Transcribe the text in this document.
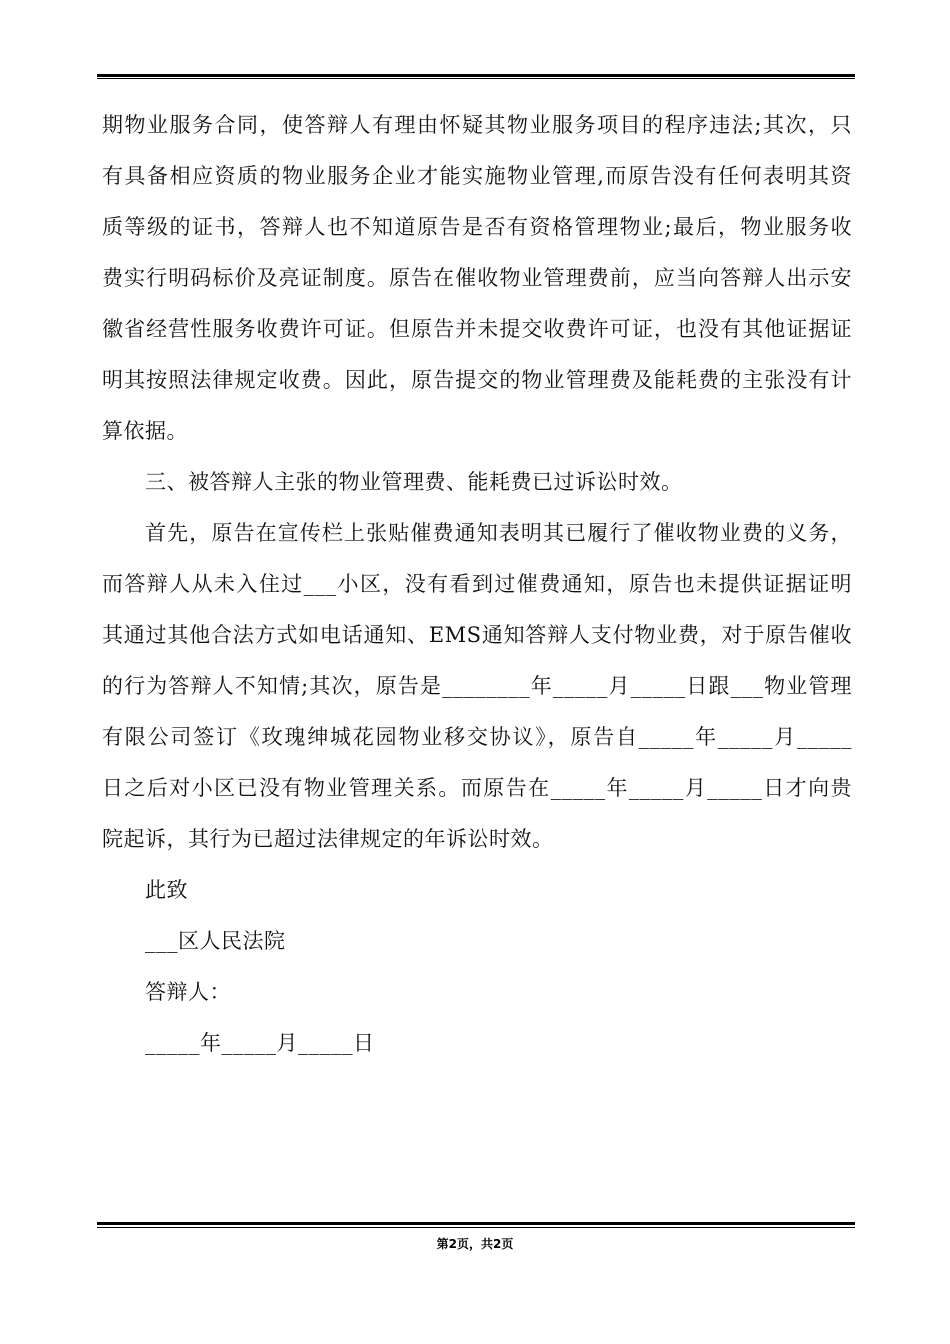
期物业服务合同，使答辩人有理由怀疑其物业服务项目的程序违法;其次，只
有具备相应资质的物业服务企业才能实施物业管理,而原告没有任何表明其资
质等级的证书，答辩人也不知道原告是否有资格管理物业;最后，物业服务收
费实行明码标价及亮证制度。原告在催收物业管理费前，应当向答辩人出示安
徽省经营性服务收费许可证。但原告并未提交收费许可证，也没有其他证据证
明其按照法律规定收费。因此，原告提交的物业管理费及能耗费的主张没有计
算依据。
三、被答辩人主张的物业管理费、能耗费已过诉讼时效。
首先，原告在宣传栏上张贴催费通知表明其已履行了催收物业费的义务，
而答辩人从未入住过___小区，没有看到过催费通知，原告也未提供证据证明
其通过其他合法方式如电话通知、EMS通知答辩人支付物业费，对于原告催收
的行为答辩人不知情;其次，原告是________年_____月_____日跟___物业管理
有限公司签订《玫瑰绅城花园物业移交协议》，原告自_____年_____月_____
日之后对小区已没有物业管理关系。而原告在_____年_____月_____日才向贵
院起诉，其行为已超过法律规定的年诉讼时效。
此致
___区人民法院
答辩人：
_____年_____月_____日
第2页，共2页
